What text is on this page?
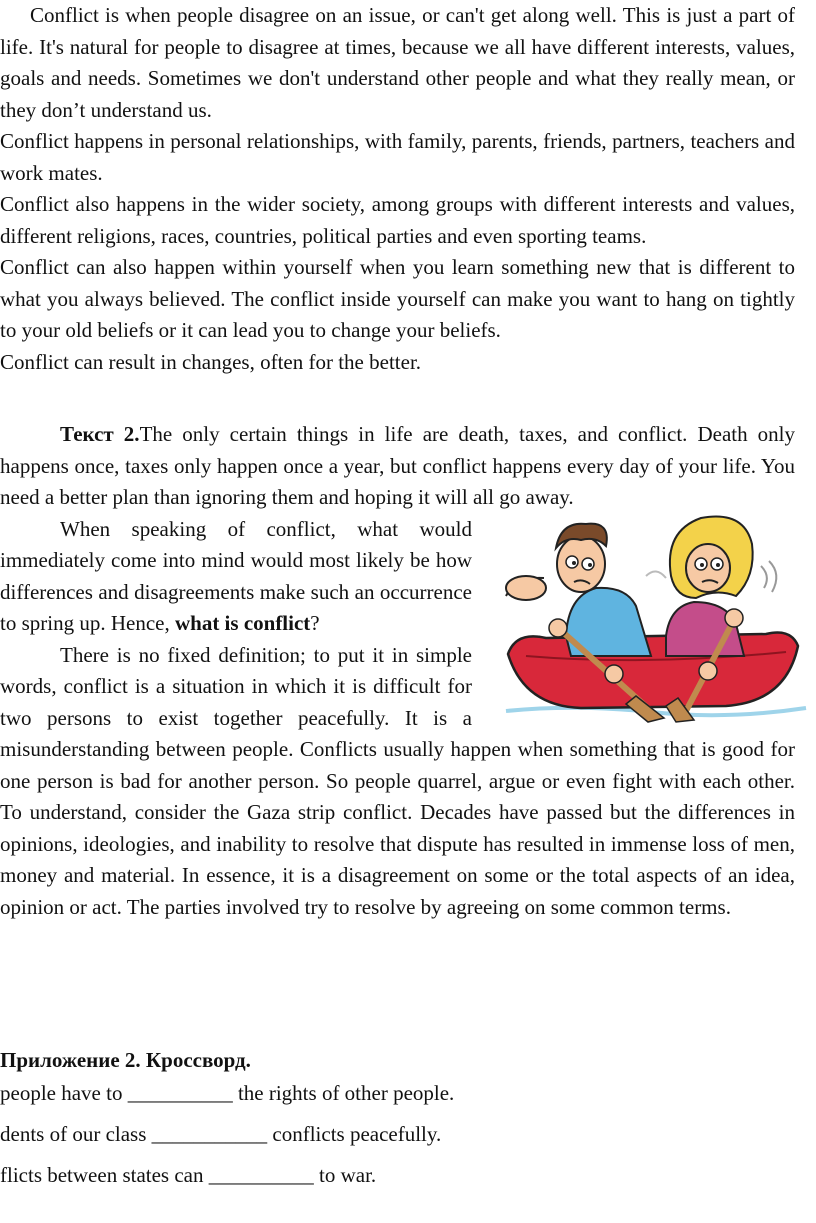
Conflict is when people disagree on an issue, or can't get along well. This is just a part of life. It's natural for people to disagree at times, because we all have different interests, values, goals and needs. Sometimes we don't understand other people and what they really mean, or they don’t understand us.

Conflict happens in personal relationships, with family, parents, friends, partners, teachers and work mates.

Conflict also happens in the wider society, among groups with different interests and values, different religions, races, countries, political parties and even sporting teams.

Conflict can also happen within yourself when you learn something new that is different to what you always believed. The conflict inside yourself can make you want to hang on tightly to your old beliefs or it can lead you to change your beliefs.

Conflict can result in changes, often for the better.

Текст 2.The only certain things in life are death, taxes, and conflict. Death only happens once, taxes only happen once a year, but conflict happens every day of your life. You need a better plan than ignoring them and hoping it will all go away.

When speaking of conflict, what would immediately come into mind would most likely be how differences and disagreements make such an occurrence to spring up. Hence, what is conflict?

There is no fixed definition; to put it in simple words, conflict is a situation in which it is difficult for two persons to exist together peacefully. It is a misunderstanding between people. Conflicts usually happen when something that is good for one person is bad for another person. So people quarrel, argue or even fight with each other. To understand, consider the Gaza strip conflict. Decades have passed but the differences in opinions, ideologies, and inability to resolve that dispute has resulted in immense loss of men, money and material. In essence, it is a disagreement on some or the total aspects of an idea, opinion or act. The parties involved try to resolve by agreeing on some common terms.

Приложение 2. Кроссворд.
people have to __________ the rights of other people.
dents of our class ___________ conflicts peacefully.
flicts between states can __________ to war.
